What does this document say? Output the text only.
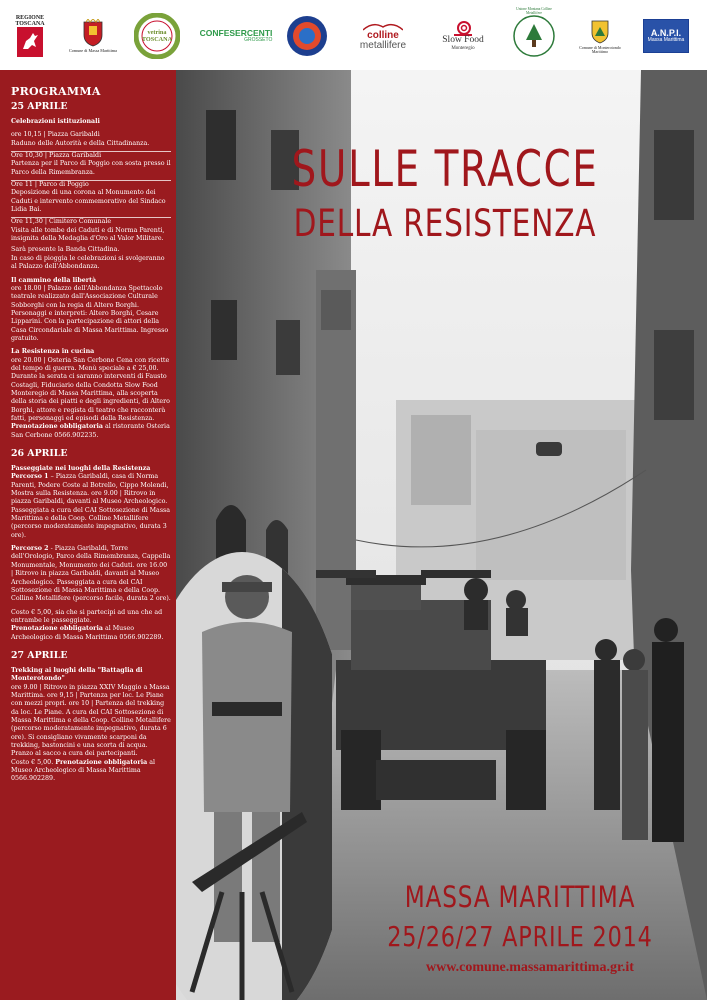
REGIONE TOSCANA
Comune di Massa Marittima
vetrina TOSCANA
CONFESERCENTI
GROSSETO	colline
metallifere	Slow Food
Monteregio
Unione Montana Colline Metallifere
Comune di Monterotondo Marittimo
A.N.P.I.
Massa Marittima
SULLE TRACCE
DELLA RESISTENZA
MASSA MARITTIMA
25/26/27 APRILE 2014
www.comune.massamarittima.gr.it
PROGRAMMA
25 APRILE
Celebrazioni istituzionali
ore 10,15 | Piazza Garibaldi
Raduno delle Autorità e della Cittadinanza.
Ore 10,30 | Piazza Garibaldi
Partenza per il Parco di Poggio con sosta presso il Parco della Rimembranza.
Ore 11 | Parco di Poggio
Deposizione di una corona al Monumento dei Caduti e intervento commemorativo del Sindaco Lidia Bai.
Ore 11,30 | Cimitero Comunale
Visita alle tombe dei Caduti e di Norma Parenti, insignita della Medaglia d'Oro al Valor Militare.
Sarà presente la Banda Cittadina.
In caso di pioggia le celebrazioni si svolgeranno al Palazzo dell'Abbondanza.
Il cammino della libertà
ore 18.00 | Palazzo dell'Abbondanza Spettacolo teatrale realizzato dall'Associazione Culturale Sobborghi con la regia di Altero Borghi. Personaggi e interpreti: Altero Borghi, Cesare Lipparini. Con la partecipazione di attori della Casa Circondariale di Massa Marittima. Ingresso gratuito.
La Resistenza in cucina
ore 20.00 | Osteria San Cerbone Cena con ricette del tempo di guerra. Menù speciale a € 25,00. Durante la serata ci saranno interventi di Fausto Costagli, Fiduciario della Condotta Slow Food Monteregio di Massa Marittima, alla scoperta della storia dei piatti e degli ingredienti, di Altero Borghi, attore e regista di teatro che racconterà fatti, personaggi ed episodi della Resistenza. Prenotazione obbligatoria al ristorante Osteria San Cerbone 0566.902235.
26 APRILE
Passeggiate nei luoghi della Resistenza
Percorso 1 – Piazza Garibaldi, casa di Norma Parenti, Podere Coste al Botrello, Cippo Molendi, Mostra sulla Resistenza. ore 9.00 | Ritrovo in piazza Garibaldi, davanti al Museo Archeologico. Passeggiata a cura del CAI Sottosezione di Massa Marittima e della Coop. Colline Metallifere (percorso moderatamente impegnativo, durata 3 ore).
Percorso 2 - Piazza Garibaldi, Torre dell'Orologio, Parco della Rimembranza, Cappella Monumentale, Monumento dei Caduti. ore 16.00 | Ritrovo in piazza Garibaldi, davanti al Museo Archeologico. Passeggiata a cura del CAI Sottosezione di Massa Marittima e della Coop. Colline Metallifere (percorso facile, durata 2 ore).
Costo € 5,00, sia che si partecipi ad una che ad entrambe le passeggiate.
Prenotazione obbligatoria al Museo Archeologico di Massa Marittima 0566.902289.
27 APRILE
Trekking ai luoghi della "Battaglia di Monterotondo"
ore 9.00 | Ritrovo in piazza XXIV Maggio a Massa Marittima. ore 9,15 | Partenza per loc. Le Piane con mezzi propri. ore 10 | Partenza del trekking da loc. Le Piane. A cura del CAI Sottosezione di Massa Marittima e della Coop. Colline Metallifere (percorso moderatamente impegnativo, durata 6 ore). Si consigliano vivamente scarponi da trekking, bastoncini e una scorta di acqua. Pranzo al sacco a cura dei partecipanti.
Costo € 5,00. Prenotazione obbligatoria al Museo Archeologico di Massa Marittima 0566.902289.
